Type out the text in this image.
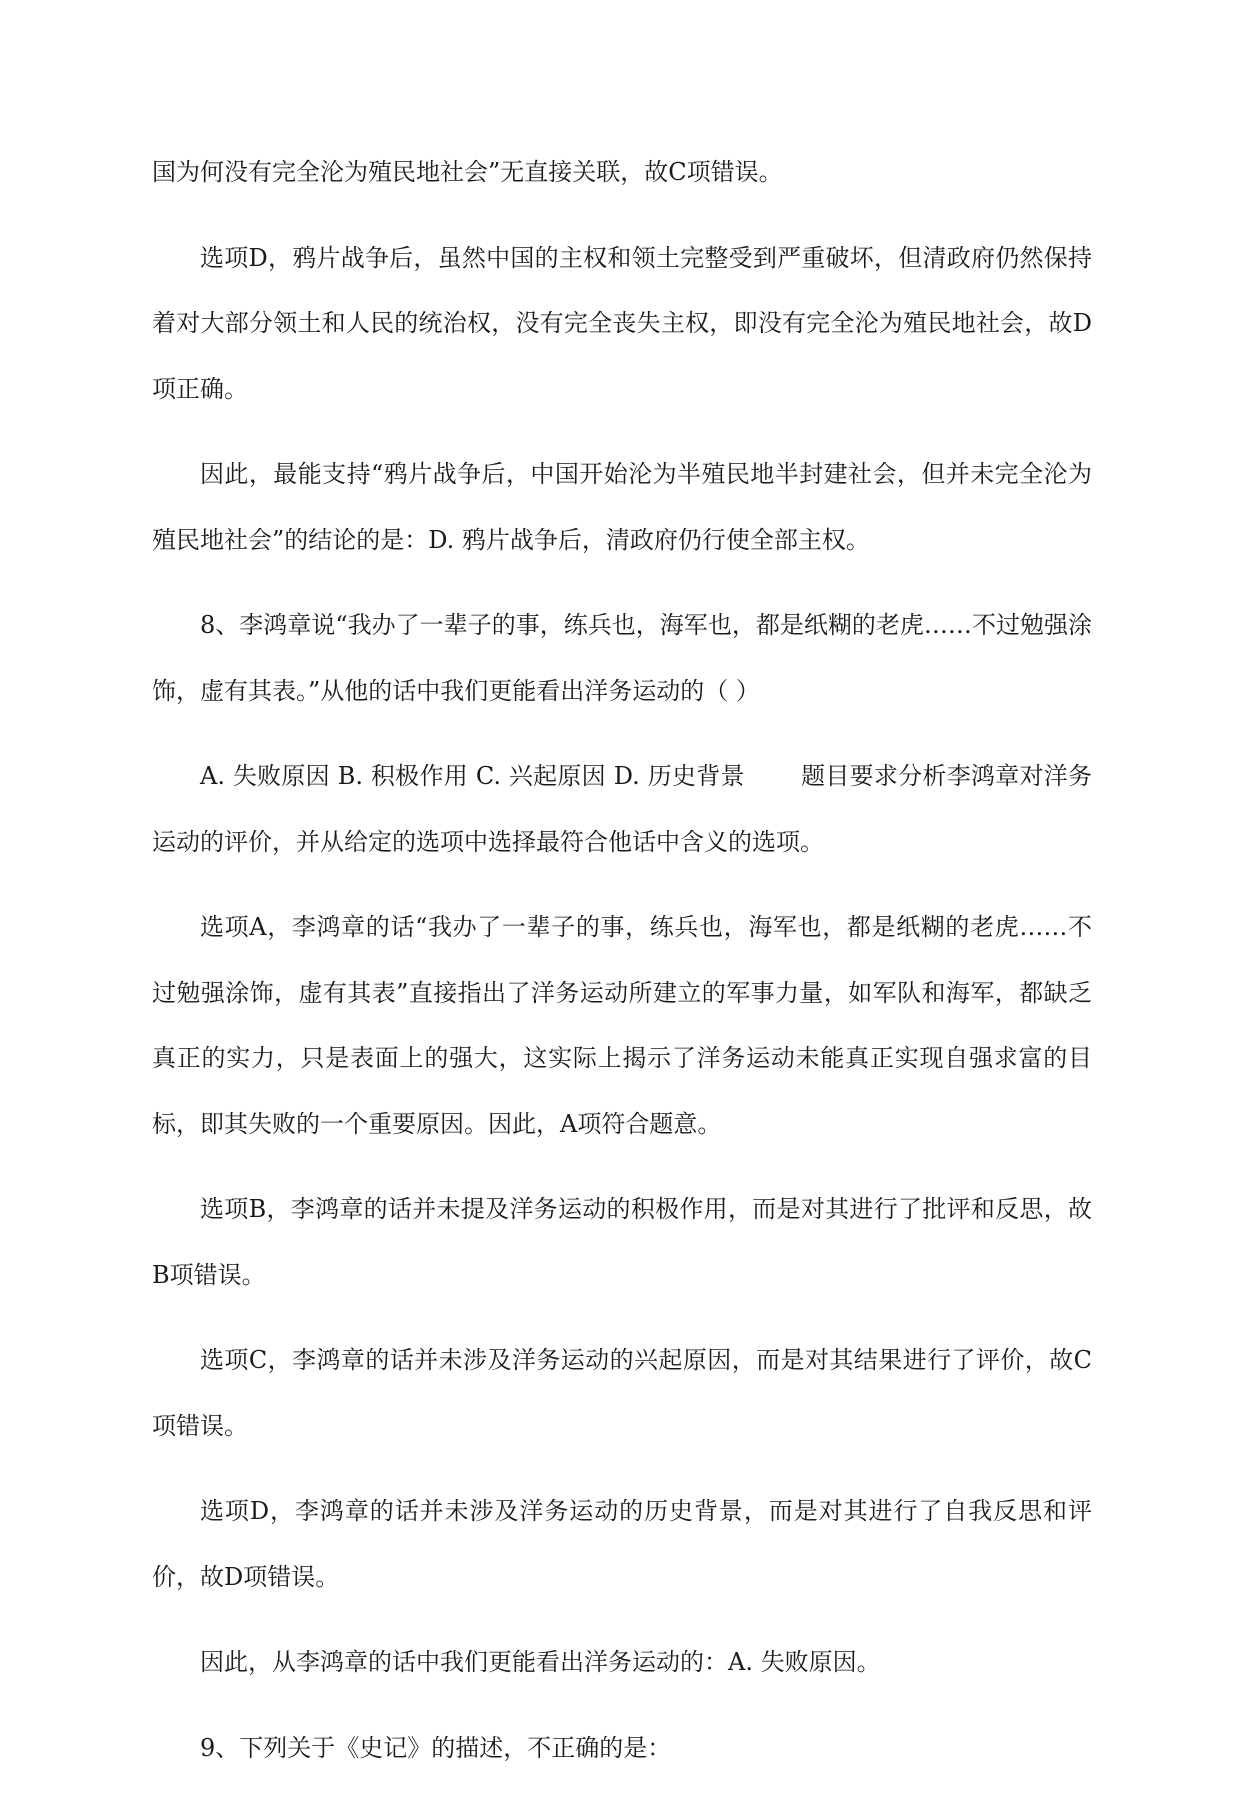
国为何没有完全沦为殖民地社会”无直接关联，故C项错误。

选项D，鸦片战争后，虽然中国的主权和领土完整受到严重破坏，但清政府仍然保持着对大部分领土和人民的统治权，没有完全丧失主权，即没有完全沦为殖民地社会，故D项正确。

因此，最能支持“鸦片战争后，中国开始沦为半殖民地半封建社会，但并未完全沦为殖民地社会”的结论的是：D. 鸦片战争后，清政府仍行使全部主权。

8、李鸿章说“我办了一辈子的事，练兵也，海军也，都是纸糊的老虎……不过勉强涂饰，虚有其表。”从他的话中我们更能看出洋务运动的（ ）

A. 失败原因 B. 积极作用 C. 兴起原因 D. 历史背景　　 题目要求分析李鸿章对洋务运动的评价，并从给定的选项中选择最符合他话中含义的选项。

选项A，李鸿章的话“我办了一辈子的事，练兵也，海军也，都是纸糊的老虎……不过勉强涂饰，虚有其表”直接指出了洋务运动所建立的军事力量，如军队和海军，都缺乏真正的实力，只是表面上的强大，这实际上揭示了洋务运动未能真正实现自强求富的目标，即其失败的一个重要原因。因此，A项符合题意。

选项B，李鸿章的话并未提及洋务运动的积极作用，而是对其进行了批评和反思，故B项错误。

选项C，李鸿章的话并未涉及洋务运动的兴起原因，而是对其结果进行了评价，故C项错误。

选项D，李鸿章的话并未涉及洋务运动的历史背景，而是对其进行了自我反思和评价，故D项错误。

因此，从李鸿章的话中我们更能看出洋务运动的：A. 失败原因。

9、下列关于《史记》的描述，不正确的是：
